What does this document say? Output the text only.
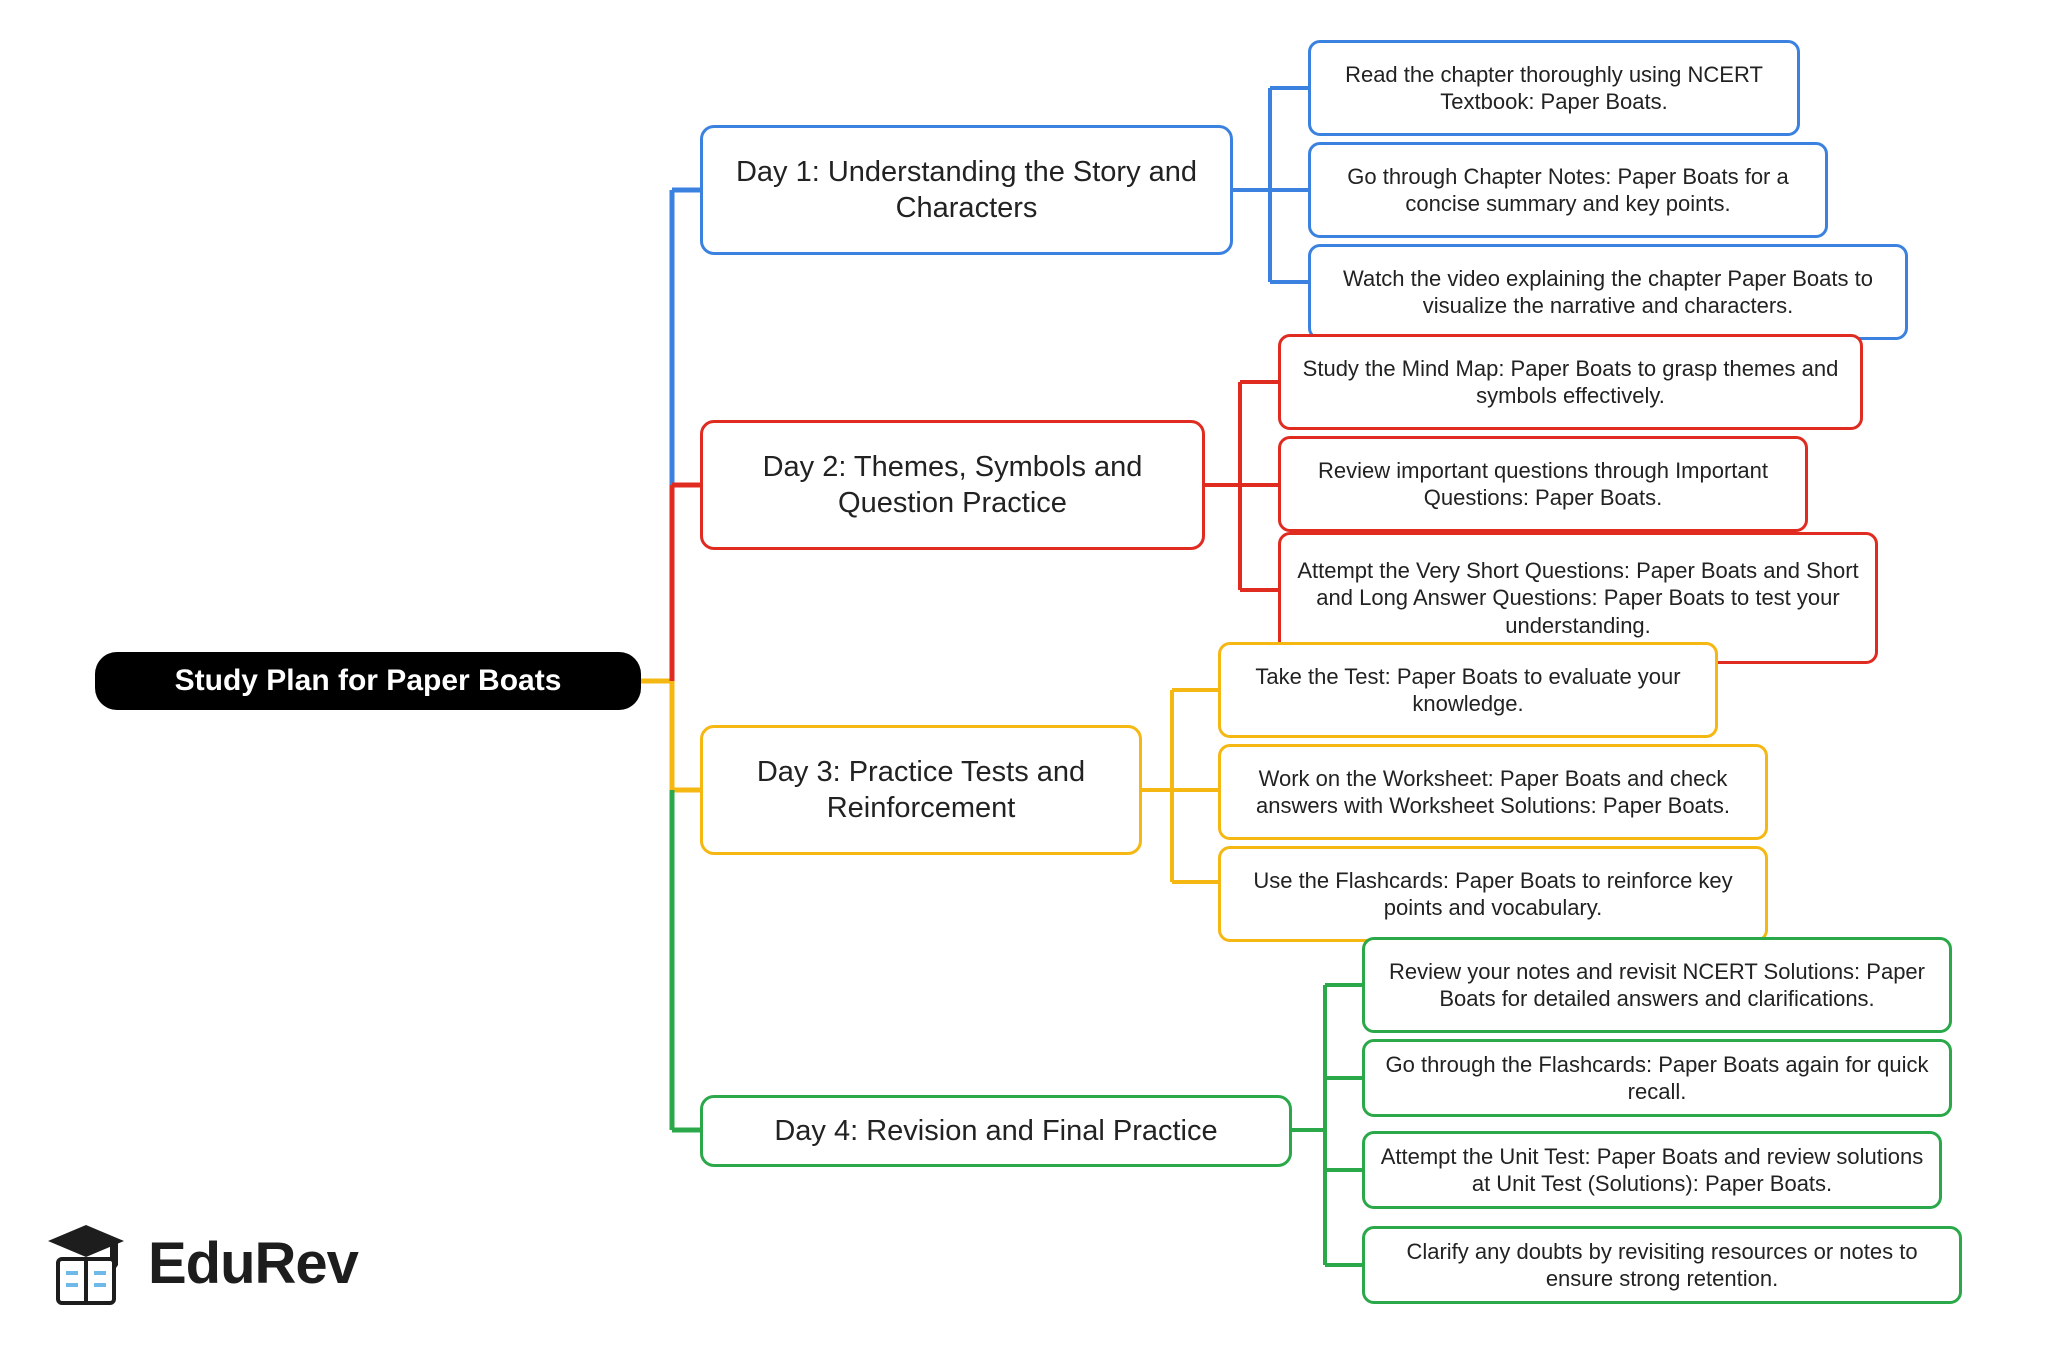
Study Plan for Paper Boats
Day 1: Understanding the Story and Characters
Read the chapter thoroughly using NCERT Textbook: Paper Boats.
Go through Chapter Notes: Paper Boats for a concise summary and key points.
Watch the video explaining the chapter Paper Boats to visualize the narrative and characters.
Day 2: Themes, Symbols and Question Practice
Study the Mind Map: Paper Boats to grasp themes and symbols effectively.
Review important questions through Important Questions: Paper Boats.
Attempt the Very Short Questions: Paper Boats and Short and Long Answer Questions: Paper Boats to test your understanding.
Day 3: Practice Tests and Reinforcement
Take the Test: Paper Boats to evaluate your knowledge.
Work on the Worksheet: Paper Boats and check answers with Worksheet Solutions: Paper Boats.
Use the Flashcards: Paper Boats to reinforce key points and vocabulary.
Day 4: Revision and Final Practice
Review your notes and revisit NCERT Solutions: Paper Boats for detailed answers and clarifications.
Go through the Flashcards: Paper Boats again for quick recall.
Attempt the Unit Test: Paper Boats and review solutions at Unit Test (Solutions): Paper Boats.
Clarify any doubts by revisiting resources or notes to ensure strong retention.
EduRev
